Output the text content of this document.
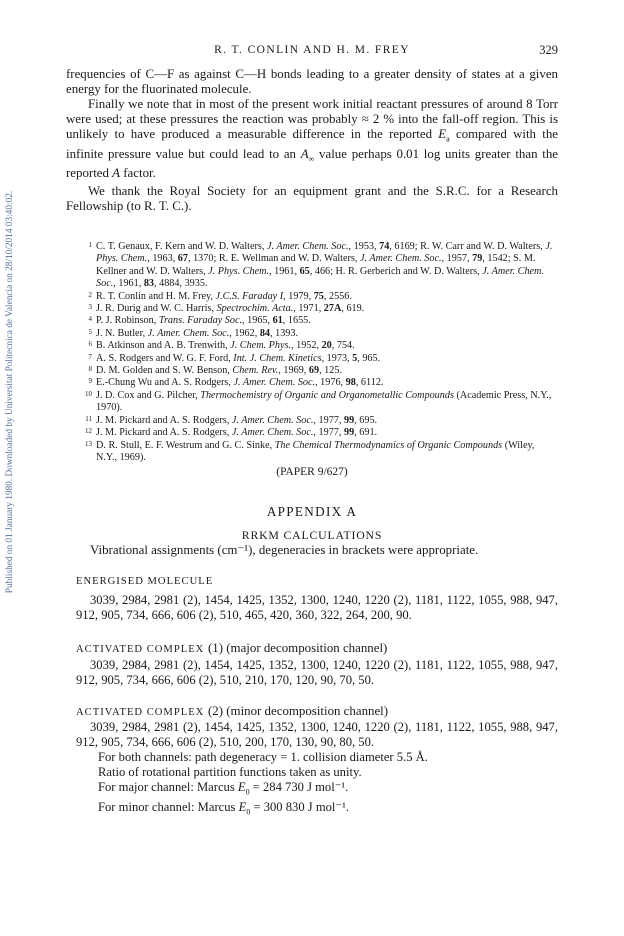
Published on 01 January 1980. Downloaded by Universitat Politecnica de Valencia on 28/10/2014 03:40:02.
R. T. CONLIN AND H. M. FREY	329

frequencies of C—F as against C—H bonds leading to a greater density of states at a given energy for the fluorinated molecule.

Finally we note that in most of the present work initial reactant pressures of around 8 Torr were used; at these pressures the reaction was probably ≈ 2 % into the fall-off region. This is unlikely to have produced a measurable difference in the reported $E_a$ compared with the infinite pressure value but could lead to an $A_\infty$ value perhaps 0.01 log units greater than the reported A factor.

We thank the Royal Society for an equipment grant and the S.R.C. for a Research Fellowship (to R. T. C.).
1 C. T. Genaux, F. Kern and W. D. Walters, J. Amer. Chem. Soc., 1953, 74, 6169; R. W. Carr and W. D. Walters, J. Phys. Chem., 1963, 67, 1370; R. E. Wellman and W. D. Walters, J. Amer. Chem. Soc., 1957, 79, 1542; S. M. Kellner and W. D. Walters, J. Phys. Chem., 1961, 65, 466; H. R. Gerberich and W. D. Walters, J. Amer. Chem. Soc., 1961, 83, 4884, 3935.
2 R. T. Conlin and H. M. Frey, J.C.S. Faraday I, 1979, 75, 2556.
3 J. R. Durig and W. C. Harris, Spectrochim. Acta., 1971, 27A, 619.
4 P. J. Robinson, Trans. Faraday Soc., 1965, 61, 1655.
5 J. N. Butler, J. Amer. Chem. Soc., 1962, 84, 1393.
6 B. Atkinson and A. B. Trenwith, J. Chem. Phys., 1952, 20, 754.
7 A. S. Rodgers and W. G. F. Ford, Int. J. Chem. Kinetics, 1973, 5, 965.
8 D. M. Golden and S. W. Benson, Chem. Rev., 1969, 69, 125.
9 E.-Chung Wu and A. S. Rodgers, J. Amer. Chem. Soc., 1976, 98, 6112.
10 J. D. Cox and G. Pilcher, Thermochemistry of Organic and Organometallic Compounds (Academic Press, N.Y., 1970).
11 J. M. Pickard and A. S. Rodgers, J. Amer. Chem. Soc., 1977, 99, 695.
12 J. M. Pickard and A. S. Rodgers, J. Amer. Chem. Soc., 1977, 99, 691.
13 D. R. Stull, E. F. Westrum and G. C. Sinke, The Chemical Thermodynamics of Organic Compounds (Wiley, N.Y., 1969).
(PAPER 9/627)
APPENDIX A
RRKM CALCULATIONS
Vibrational assignments (cm⁻¹), degeneracies in brackets were appropriate.
ENERGISED MOLECULE
3039, 2984, 2981 (2), 1454, 1425, 1352, 1300, 1240, 1220 (2), 1181, 1122, 1055, 988, 947, 912, 905, 734, 666, 606 (2), 510, 465, 420, 360, 322, 264, 200, 90.
ACTIVATED COMPLEX (1) (major decomposition channel)
3039, 2984, 2981 (2), 1454, 1425, 1352, 1300, 1240, 1220 (2), 1181, 1122, 1055, 988, 947, 912, 905, 734, 666, 606 (2), 510, 210, 170, 120, 90, 70, 50.
ACTIVATED COMPLEX (2) (minor decomposition channel)
3039, 2984, 2981 (2), 1454, 1425, 1352, 1300, 1240, 1220 (2), 1181, 1122, 1055, 988, 947, 912, 905, 734, 666, 606 (2), 510, 200, 170, 130, 90, 80, 50.
For both channels: path degeneracy = 1. collision diameter 5.5 Å.
Ratio of rotational partition functions taken as unity.
For major channel: Marcus $E_0 = 284$ 730 J mol⁻¹.
For minor channel: Marcus $E_0 = 300$ 830 J mol⁻¹.
